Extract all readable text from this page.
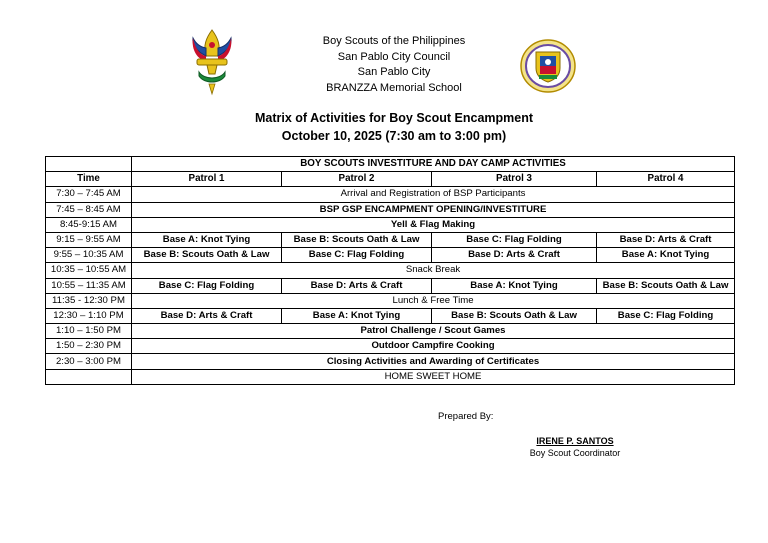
Boy Scouts of the Philippines
San Pablo City Council
San Pablo City
BRANZZA Memorial School
Matrix of Activities for Boy Scout Encampment
October 10, 2025 (7:30 am to 3:00 pm)
	BOY SCOUTS INVESTITURE AND DAY CAMP ACTIVITIES			
Time	Patrol 1	Patrol 2	Patrol 3	Patrol 4
7:30 – 7:45 AM	Arrival and Registration of BSP Participants			
7:45 – 8:45 AM	BSP GSP ENCAMPMENT OPENING/INVESTITURE			
8:45-9:15 AM	Yell & Flag Making			
9:15 – 9:55 AM	Base A: Knot Tying	Base B: Scouts Oath & Law	Base C: Flag Folding	Base D: Arts & Craft
9:55 – 10:35 AM	Base B: Scouts Oath & Law	Base C: Flag Folding	Base D: Arts & Craft	Base A: Knot Tying
10:35 – 10:55 AM	Snack Break			
10:55 – 11:35 AM	Base C: Flag Folding	Base D: Arts & Craft	Base A: Knot Tying	Base B: Scouts Oath & Law
11:35 - 12:30 PM	Lunch & Free Time			
12:30 – 1:10 PM	Base D: Arts & Craft	Base A: Knot Tying	Base B: Scouts Oath & Law	Base C: Flag Folding
1:10 – 1:50 PM	Patrol Challenge / Scout Games			
1:50 – 2:30 PM	Outdoor Campfire Cooking			
2:30 – 3:00 PM	Closing Activities and Awarding of Certificates			
	HOME SWEET HOME			
Prepared By:
IRENE P. SANTOS
Boy Scout Coordinator
